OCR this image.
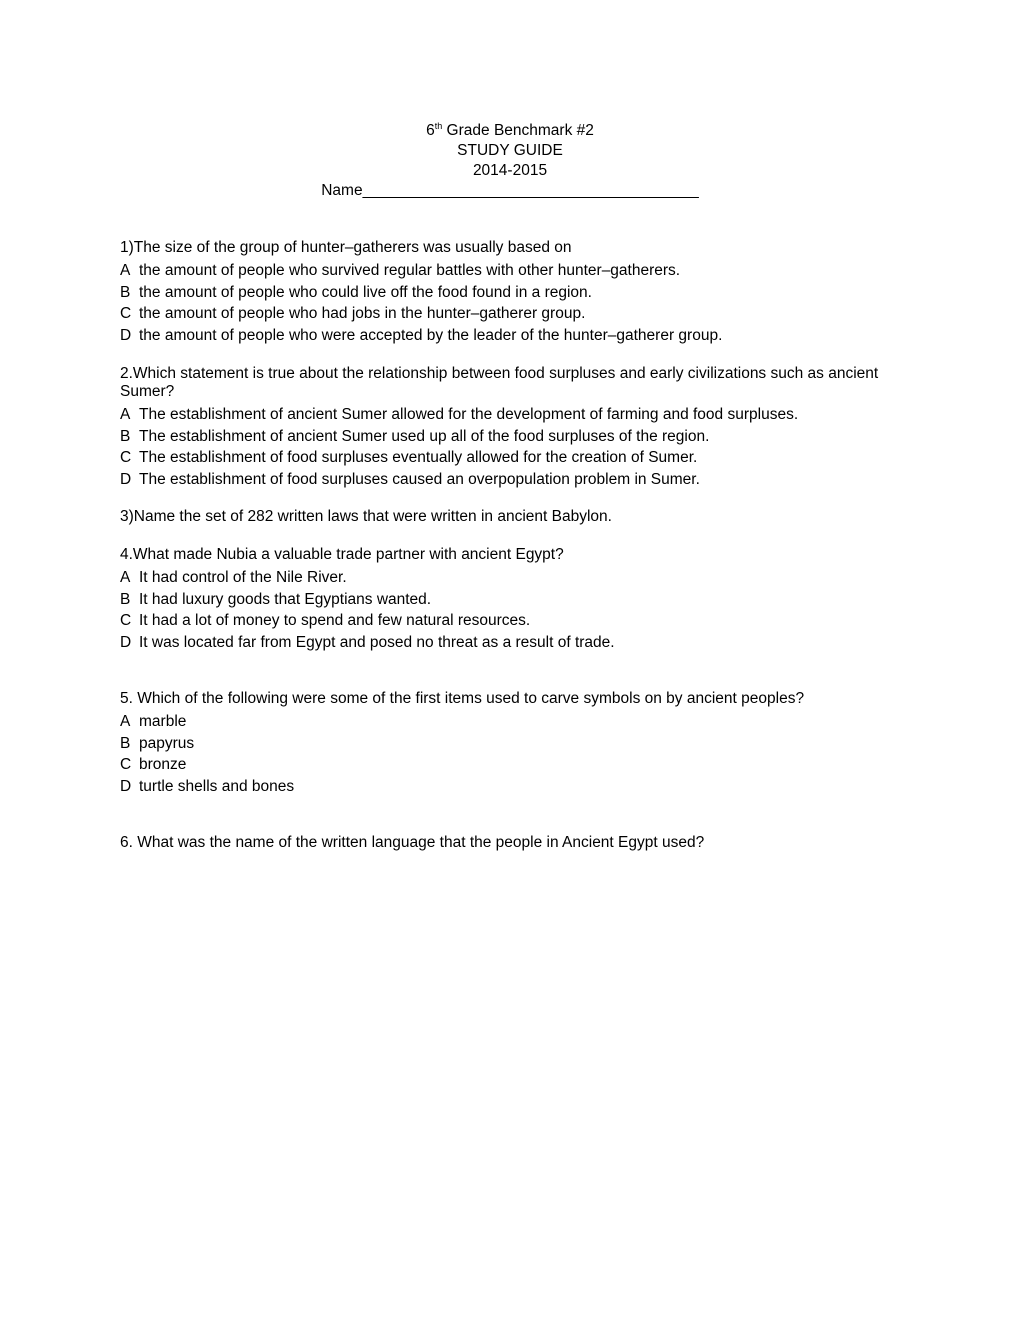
6th Grade Benchmark #2
STUDY GUIDE
2014-2015
Name_______________________________________

1)The size of the group of hunter–gatherers was usually based on

A the amount of people who survived regular battles with other hunter–gatherers.
B the amount of people who could live off the food found in a region.
C the amount of people who had jobs in the hunter–gatherer group.
D the amount of people who were accepted by the leader of the hunter–gatherer group.

2.Which statement is true about the relationship between food surpluses and early civilizations such as ancient Sumer?

A The establishment of ancient Sumer allowed for the development of farming and food surpluses.
B The establishment of ancient Sumer used up all of the food surpluses of the region.
C The establishment of food surpluses eventually allowed for the creation of Sumer.
D The establishment of food surpluses caused an overpopulation problem in Sumer.

3)Name the set of 282 written laws that were written in ancient Babylon.

4.What made Nubia a valuable trade partner with ancient Egypt?

A It had control of the Nile River.
B It had luxury goods that Egyptians wanted.
C It had a lot of money to spend and few natural resources.
D It was located far from Egypt and posed no threat as a result of trade.

5. Which of the following were some of the first items used to carve symbols on by ancient peoples?

A marble
B papyrus
C bronze
D turtle shells and bones

6. What was the name of the written language that the people in Ancient Egypt used?
